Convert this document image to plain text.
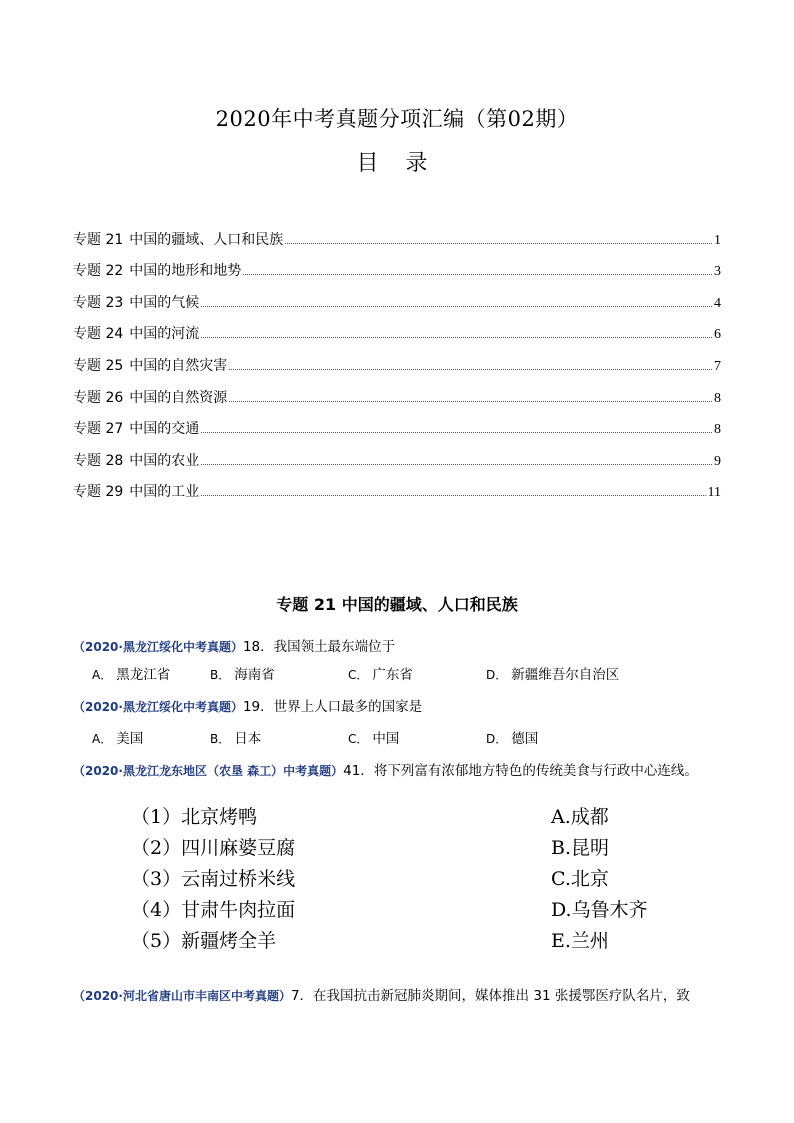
2020年中考真题分项汇编（第02期）
目 录
专题 21 中国的疆域、人口和民族	1
专题 22 中国的地形和地势	3
专题 23 中国的气候	4
专题 24 中国的河流	6
专题 25 中国的自然灾害	7
专题 26 中国的自然资源	8
专题 27 中国的交通	8
专题 28 中国的农业	9
专题 29 中国的工业	11
专题 21 中国的疆域、人口和民族
（2020·黑龙江绥化中考真题）18．我国领土最东端位于
A． 黑龙江省	B． 海南省	C． 广东省	D． 新疆维吾尔自治区
（2020·黑龙江绥化中考真题）19．世界上人口最多的国家是
A． 美国	B． 日本	C． 中国	D． 德国
（2020·黑龙江龙东地区（农垦 森工）中考真题）41．将下列富有浓郁地方特色的传统美食与行政中心连线。
（1）北京烤鸭	A.成都
（2）四川麻婆豆腐	B.昆明
（3）云南过桥米线	C.北京
（4）甘肃牛肉拉面	D.乌鲁木齐
（5）新疆烤全羊	E.兰州
（2020·河北省唐山市丰南区中考真题）7．在我国抗击新冠肺炎期间，媒体推出 31 张援鄂医疗队名片，致
